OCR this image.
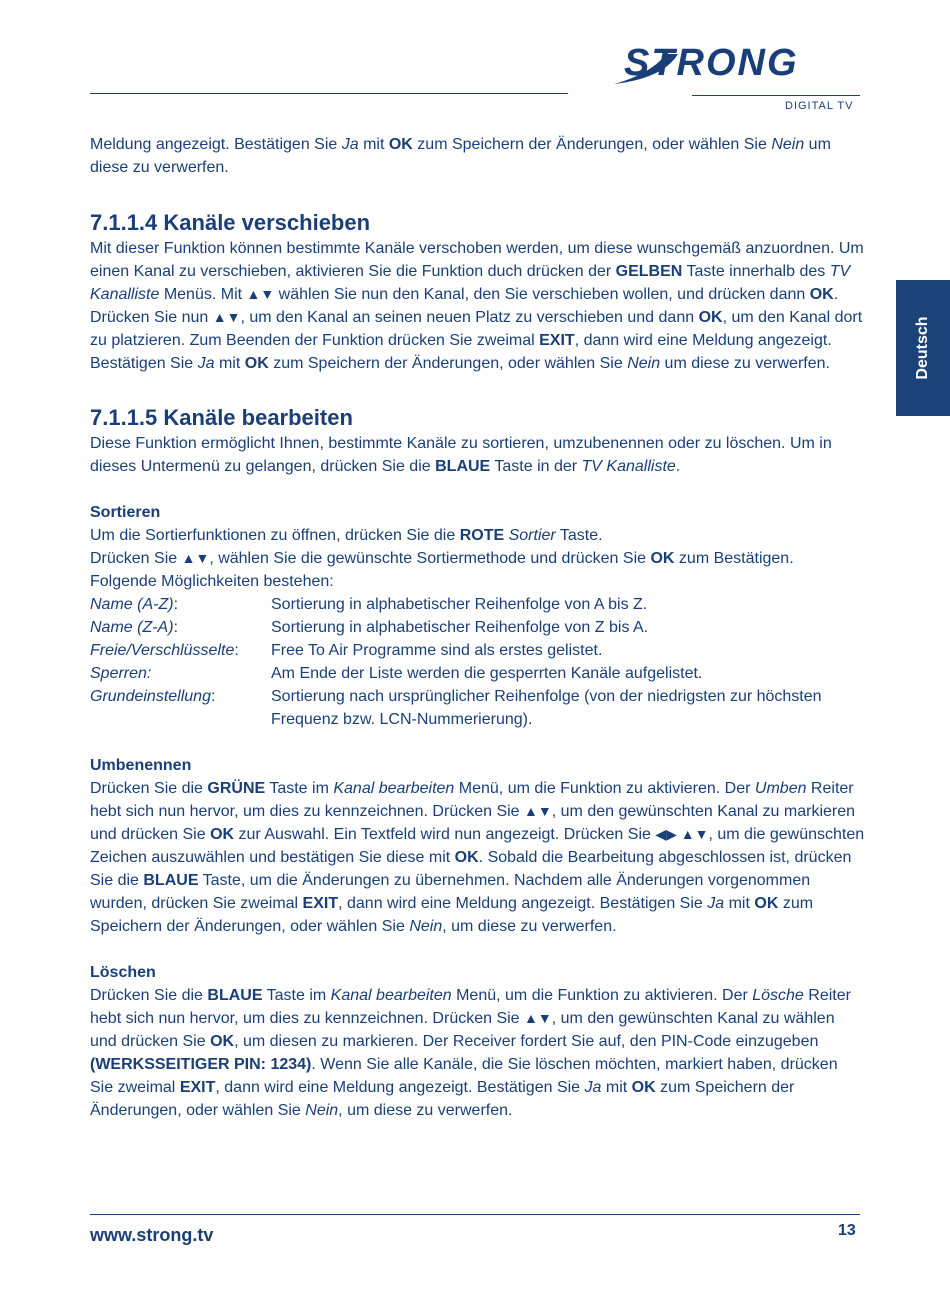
STRONG
DIGITAL TV
Deutsch

Meldung angezeigt. Bestätigen Sie Ja mit OK zum Speichern der Änderungen, oder wählen Sie Nein um diese zu verwerfen.

7.1.1.4 Kanäle verschieben

Mit dieser Funktion können bestimmte Kanäle verschoben werden, um diese wunschgemäß anzuordnen. Um einen Kanal zu verschieben, aktivieren Sie die Funktion duch drücken der GELBEN Taste innerhalb des TV Kanalliste Menüs. Mit ▲▼ wählen Sie nun den Kanal, den Sie verschieben wollen, und drücken dann OK. Drücken Sie nun ▲▼, um den Kanal an seinen neuen Platz zu verschieben und dann OK, um den Kanal dort zu platzieren. Zum Beenden der Funktion drücken Sie zweimal EXIT, dann wird eine Meldung angezeigt. Bestätigen Sie Ja mit OK zum Speichern der Änderungen, oder wählen Sie Nein um diese zu verwerfen.

7.1.1.5 Kanäle bearbeiten

Diese Funktion ermöglicht Ihnen, bestimmte Kanäle zu sortieren, umzubenennen oder zu löschen. Um in dieses Untermenü zu gelangen, drücken Sie die BLAUE Taste in der TV Kanalliste.

Sortieren

Um die Sortierfunktionen zu öffnen, drücken Sie die ROTE Sortier Taste.

Drücken Sie ▲▼, wählen Sie die gewünschte Sortiermethode und drücken Sie OK zum Bestätigen.

Folgende Möglichkeiten bestehen:

Name (A-Z):	Sortierung in alphabetischer Reihenfolge von A bis Z.
Name (Z-A):	Sortierung in alphabetischer Reihenfolge von Z bis A.
Freie/Verschlüsselte:	Free To Air Programme sind als erstes gelistet.
Sperren:	Am Ende der Liste werden die gesperrten Kanäle aufgelistet.
Grundeinstellung:	Sortierung nach ursprünglicher Reihenfolge (von der niedrigsten zur höchsten Frequenz bzw. LCN-Nummerierung).
Umbenennen

Drücken Sie die GRÜNE Taste im Kanal bearbeiten Menü, um die Funktion zu aktivieren. Der Umben Reiter hebt sich nun hervor, um dies zu kennzeichnen. Drücken Sie ▲▼, um den gewünschten Kanal zu markieren und drücken Sie OK zur Auswahl. Ein Textfeld wird nun angezeigt. Drücken Sie ◀▶ ▲▼, um die gewünschten Zeichen auszuwählen und bestätigen Sie diese mit OK. Sobald die Bearbeitung abgeschlossen ist, drücken Sie die BLAUE Taste, um die Änderungen zu übernehmen. Nachdem alle Änderungen vorgenommen wurden, drücken Sie zweimal EXIT, dann wird eine Meldung angezeigt. Bestätigen Sie Ja mit OK zum Speichern der Änderungen, oder wählen Sie Nein, um diese zu verwerfen.

Löschen

Drücken Sie die BLAUE Taste im Kanal bearbeiten Menü, um die Funktion zu aktivieren. Der Lösche Reiter hebt sich nun hervor, um dies zu kennzeichnen. Drücken Sie ▲▼, um den gewünschten Kanal zu wählen und drücken Sie OK, um diesen zu markieren. Der Receiver fordert Sie auf, den PIN-Code einzugeben (WERKSSEITIGER PIN: 1234). Wenn Sie alle Kanäle, die Sie löschen möchten, markiert haben, drücken Sie zweimal EXIT, dann wird eine Meldung angezeigt. Bestätigen Sie Ja mit OK zum Speichern der Änderungen, oder wählen Sie Nein, um diese zu verwerfen.

www.strong.tv	13
